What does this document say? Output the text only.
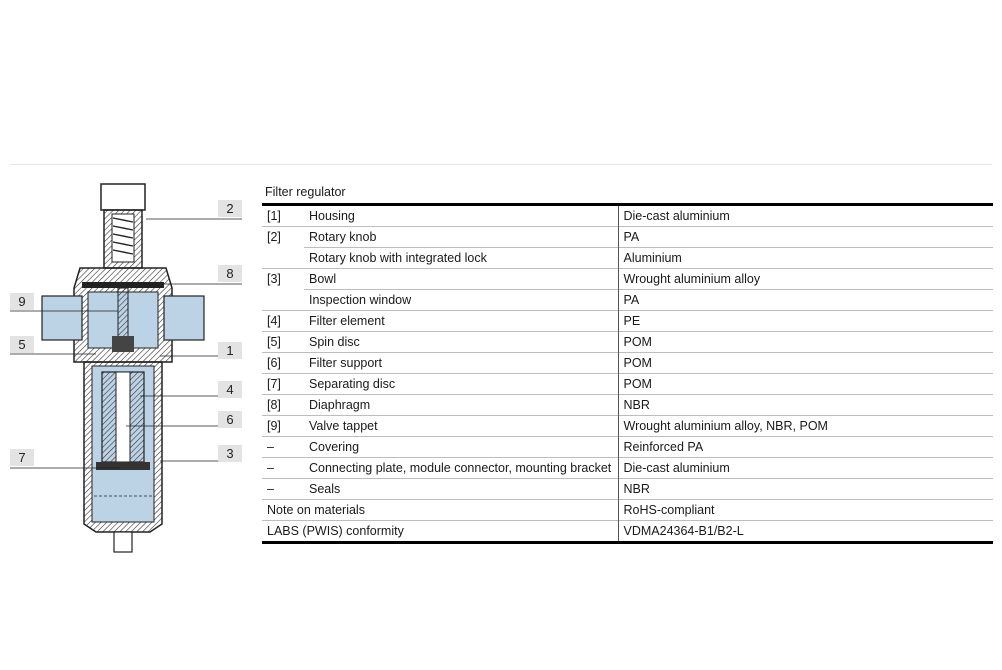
2
8
9
5	1
4
6
7	3
Filter regulator		
[1]	Housing	Die-cast aluminium
[2]	Rotary knob	PA
	Rotary knob with integrated lock	Aluminium
[3]	Bowl	Wrought aluminium alloy
	Inspection window	PA
[4]	Filter element	PE
[5]	Spin disc	POM
[6]	Filter support	POM
[7]	Separating disc	POM
[8]	Diaphragm	NBR
[9]	Valve tappet	Wrought aluminium alloy, NBR, POM
–	Covering	Reinforced PA
–	Connecting plate, module connector, mounting bracket	Die-cast aluminium
–	Seals	NBR
Note on materials		RoHS-compliant
LABS (PWIS) conformity		VDMA24364-B1/B2-L
